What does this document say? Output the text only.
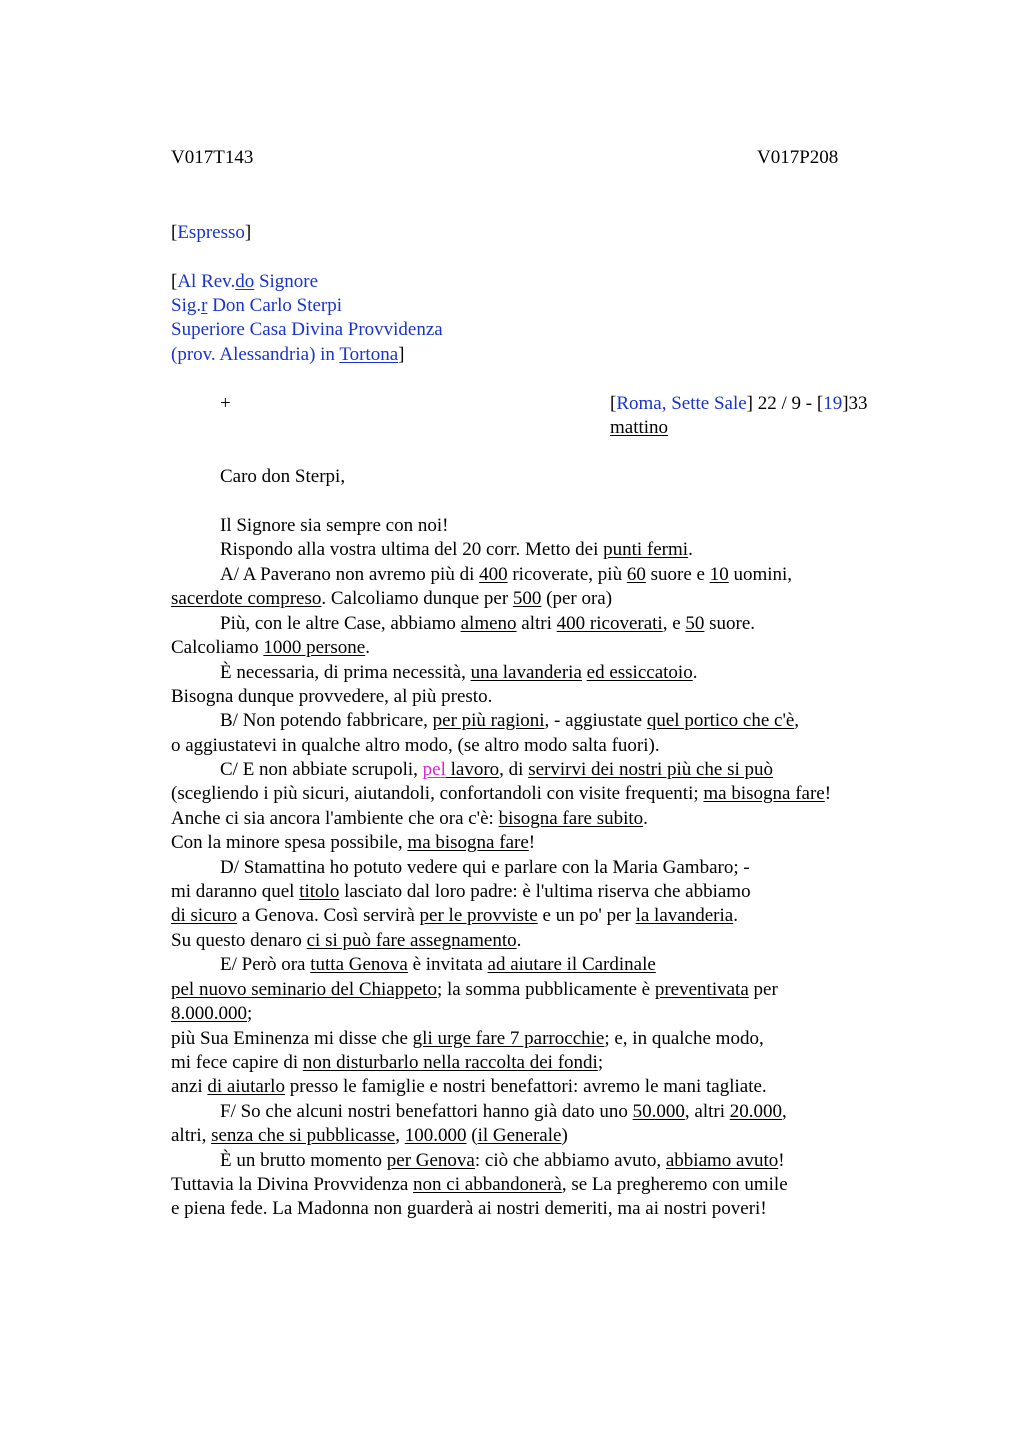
V017T143	V017P208
[Espresso]
[Al Rev.do Signore
Sig.r Don Carlo Sterpi
Superiore Casa Divina Provvidenza
(prov. Alessandria) in Tortona]
+	[Roma, Sette Sale] 22 / 9 - [19]33
mattino
Caro don Sterpi,
Il Signore sia sempre con noi!
Rispondo alla vostra ultima del 20 corr. Metto dei punti fermi.
A/ A Paverano non avremo più di 400 ricoverate, più 60 suore e 10 uomini,
sacerdote compreso. Calcoliamo dunque per 500 (per ora)
Più, con le altre Case, abbiamo almeno altri 400 ricoverati, e 50 suore.
Calcoliamo 1000 persone.
È necessaria, di prima necessità, una lavanderia ed essiccatoio.
Bisogna dunque provvedere, al più presto.
B/ Non potendo fabbricare, per più ragioni, - aggiustate quel portico che c'è,
o aggiustatevi in qualche altro modo, (se altro modo salta fuori).
C/ E non abbiate scrupoli, pel lavoro, di servirvi dei nostri più che si può
(scegliendo i più sicuri, aiutandoli, confortandoli con visite frequenti; ma bisogna fare!
Anche ci sia ancora l'ambiente che ora c'è: bisogna fare subito.
Con la minore spesa possibile, ma bisogna fare!
D/ Stamattina ho potuto vedere qui e parlare con la Maria Gambaro; -
mi daranno quel titolo lasciato dal loro padre: è l'ultima riserva che abbiamo
di sicuro a Genova. Così servirà per le provviste e un po' per la lavanderia.
Su questo denaro ci si può fare assegnamento.
E/ Però ora tutta Genova è invitata ad aiutare il Cardinale
pel nuovo seminario del Chiappeto; la somma pubblicamente è preventivata per
8.000.000;
più Sua Eminenza mi disse che gli urge fare 7 parrocchie; e, in qualche modo,
mi fece capire di non disturbarlo nella raccolta dei fondi;
anzi di aiutarlo presso le famiglie e nostri benefattori: avremo le mani tagliate.
F/ So che alcuni nostri benefattori hanno già dato uno 50.000, altri 20.000,
altri, senza che si pubblicasse, 100.000 (il Generale)
È un brutto momento per Genova: ciò che abbiamo avuto, abbiamo avuto!
Tuttavia la Divina Provvidenza non ci abbandonerà, se La pregheremo con umile
e piena fede. La Madonna non guarderà ai nostri demeriti, ma ai nostri poveri!
